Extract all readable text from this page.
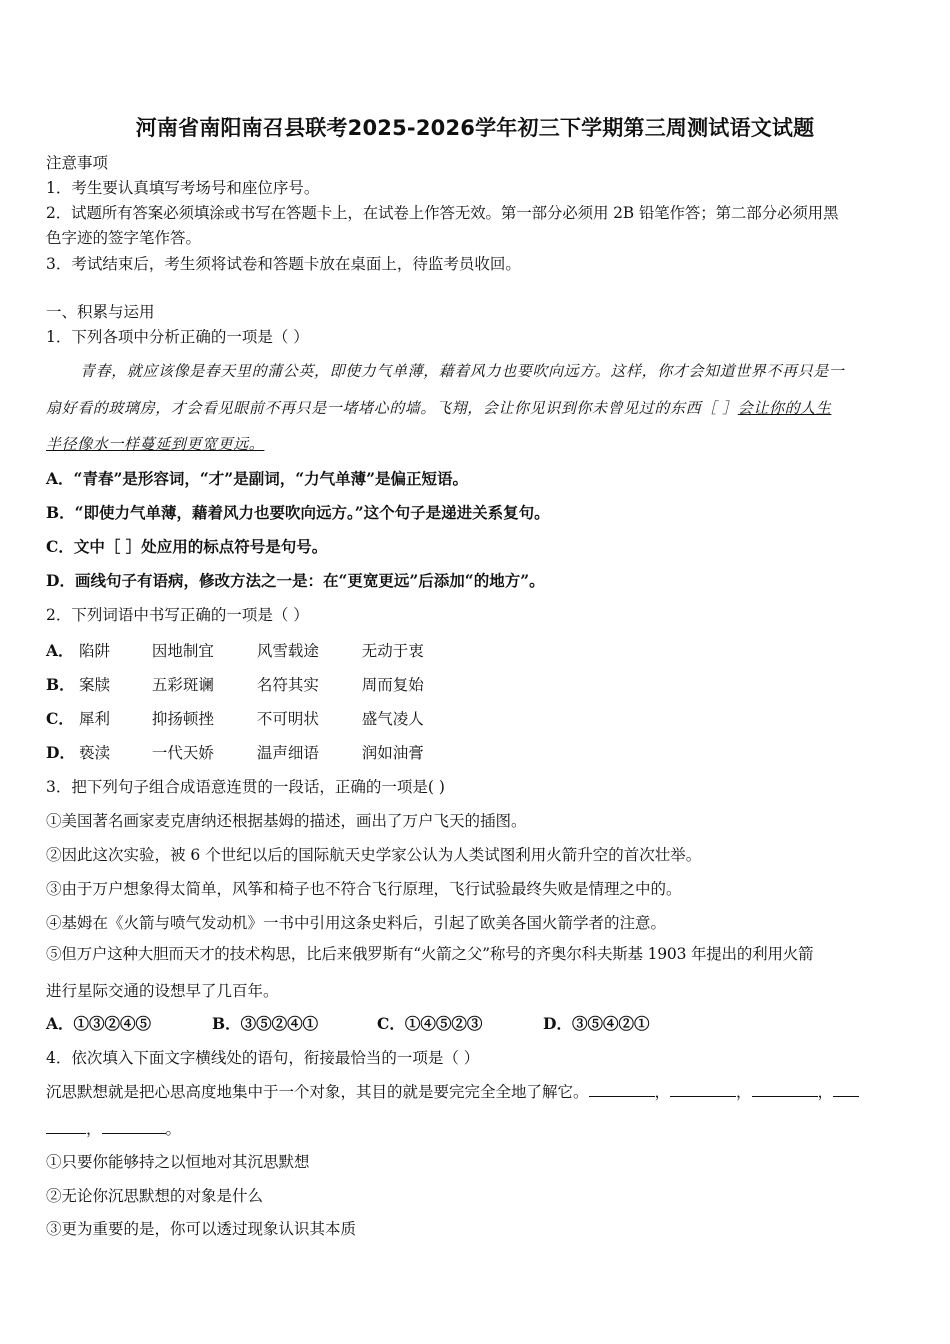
河南省南阳南召县联考2025-2026学年初三下学期第三周测试语文试题
注意事项
1．考生要认真填写考场号和座位序号。
2．试题所有答案必须填涂或书写在答题卡上，在试卷上作答无效。第一部分必须用 2B 铅笔作答；第二部分必须用黑
色字迹的签字笔作答。
3．考试结束后，考生须将试卷和答题卡放在桌面上，待监考员收回。
一、积累与运用
1．下列各项中分析正确的一项是（ ）
青春，就应该像是春天里的蒲公英，即使力气单薄，藉着风力也要吹向远方。这样，你才会知道世界不再只是一
扇好看的玻璃房，才会看见眼前不再只是一堵堵心的墙。飞翔，会让你见识到你未曾见过的东西［ ］会让你的人生
半径像水一样蔓延到更宽更远。
A．“青春”是形容词，“才”是副词，“力气单薄”是偏正短语。
B．“即使力气单薄，藉着风力也要吹向远方。”这个句子是递进关系复句。
C．文中［ ］处应用的标点符号是句号。
D．画线句子有语病，修改方法之一是：在“更宽更远”后添加“的地方”。
2．下列词语中书写正确的一项是（ ）
A． 陷阱	因地制宜	风雪载途	无动于衷
B． 案牍	五彩斑谰	名符其实	周而复始
C． 犀利	抑扬顿挫	不可明状	盛气凌人
D． 亵渎	一代天娇	温声细语	润如油膏
3．把下列句子组合成语意连贯的一段话，正确的一项是( )
①美国著名画家麦克唐纳还根据基姆的描述，画出了万户飞天的插图。
②因此这次实验，被 6 个世纪以后的国际航天史学家公认为人类试图利用火箭升空的首次壮举。
③由于万户想象得太简单，风筝和椅子也不符合飞行原理，飞行试验最终失败是情理之中的。
④基姆在《火箭与喷气发动机》一书中引用这条史料后，引起了欧美各国火箭学者的注意。
⑤但万户这种大胆而天才的技术构思，比后来俄罗斯有“火箭之父”称号的齐奥尔科夫斯基 1903 年提出的利用火箭
进行星际交通的设想早了几百年。
A．①③②④⑤	B．③⑤②④①	C．①④⑤②③	D．③⑤④②①
4．依次填入下面文字横线处的语句，衔接最恰当的一项是（ ）
沉思默想就是把心思高度地集中于一个对象，其目的就是要完完全全地了解它。	，	，	，
，	。
①只要你能够持之以恒地对其沉思默想
②无论你沉思默想的对象是什么
③更为重要的是，你可以透过现象认识其本质
